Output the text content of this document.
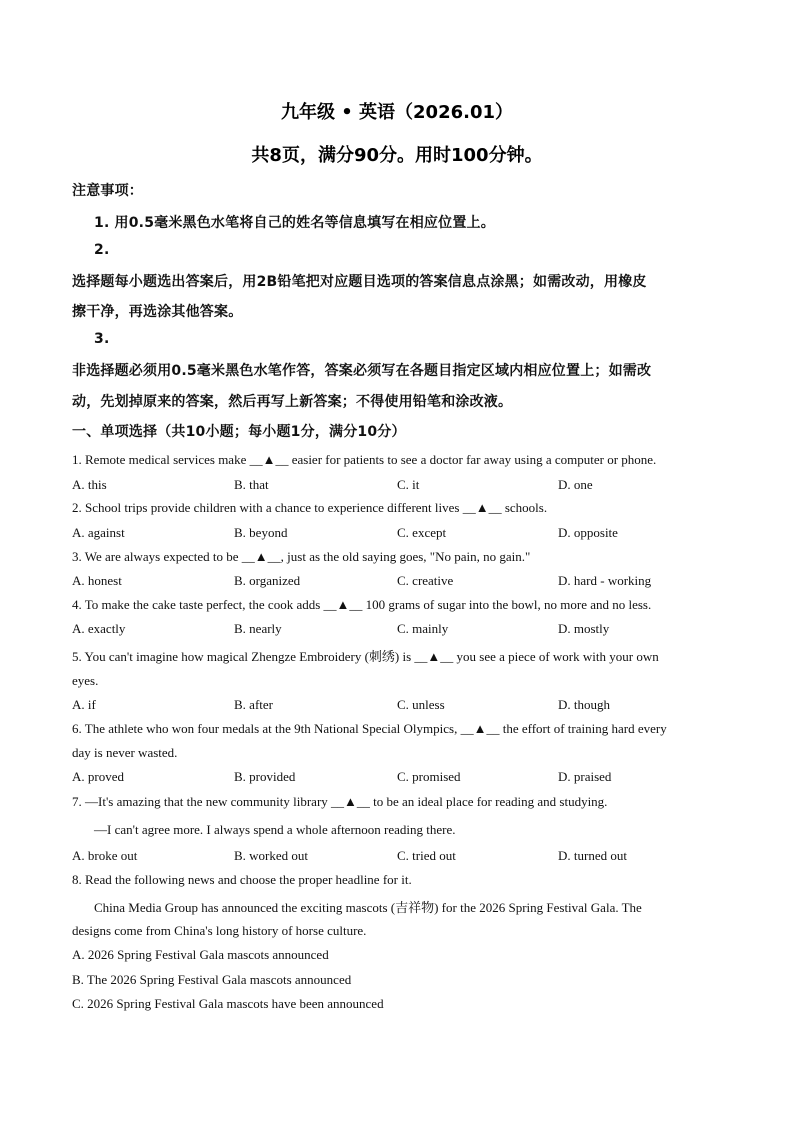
九年级 • 英语（2026.01）
共8页，满分90分。用时100分钟。
注意事项：
1. 用0.5毫米黑色水笔将自己的姓名等信息填写在相应位置上。
2.
选择题每小题选出答案后，用2B铅笔把对应题目选项的答案信息点涂黑；如需改动，用橡皮
擦干净，再选涂其他答案。
3.
非选择题必须用0.5毫米黑色水笔作答，答案必须写在各题目指定区域内相应位置上；如需改
动，先划掉原来的答案，然后再写上新答案；不得使用铅笔和涂改液。
一、单项选择（共10小题；每小题1分，满分10分）
1. Remote medical services make __▲__ easier for patients to see a doctor far away using a computer or phone.
A. this	B. that	C. it	D. one
2. School trips provide children with a chance to experience different lives __▲__ schools.
A. against	B. beyond	C. except	D. opposite
3. We are always expected to be __▲__, just as the old saying goes, "No pain, no gain."
A. honest	B. organized	C. creative	D. hard - working
4. To make the cake taste perfect, the cook adds __▲__ 100 grams of sugar into the bowl, no more and no less.
A. exactly	B. nearly	C. mainly	D. mostly
5. You can't imagine how magical Zhengze Embroidery (刺绣) is __▲__ you see a piece of work with your own
eyes.
A. if	B. after	C. unless	D. though
6. The athlete who won four medals at the 9th National Special Olympics, __▲__ the effort of training hard every
day is never wasted.
A. proved	B. provided	C. promised	D. praised
7. —It's amazing that the new community library __▲__ to be an ideal place for reading and studying.
—I can't agree more. I always spend a whole afternoon reading there.
A. broke out	B. worked out	C. tried out	D. turned out
8. Read the following news and choose the proper headline for it.
China Media Group has announced the exciting mascots (吉祥物) for the 2026 Spring Festival Gala. The
designs come from China's long history of horse culture.
A. 2026 Spring Festival Gala mascots announced
B. The 2026 Spring Festival Gala mascots announced
C. 2026 Spring Festival Gala mascots have been announced
